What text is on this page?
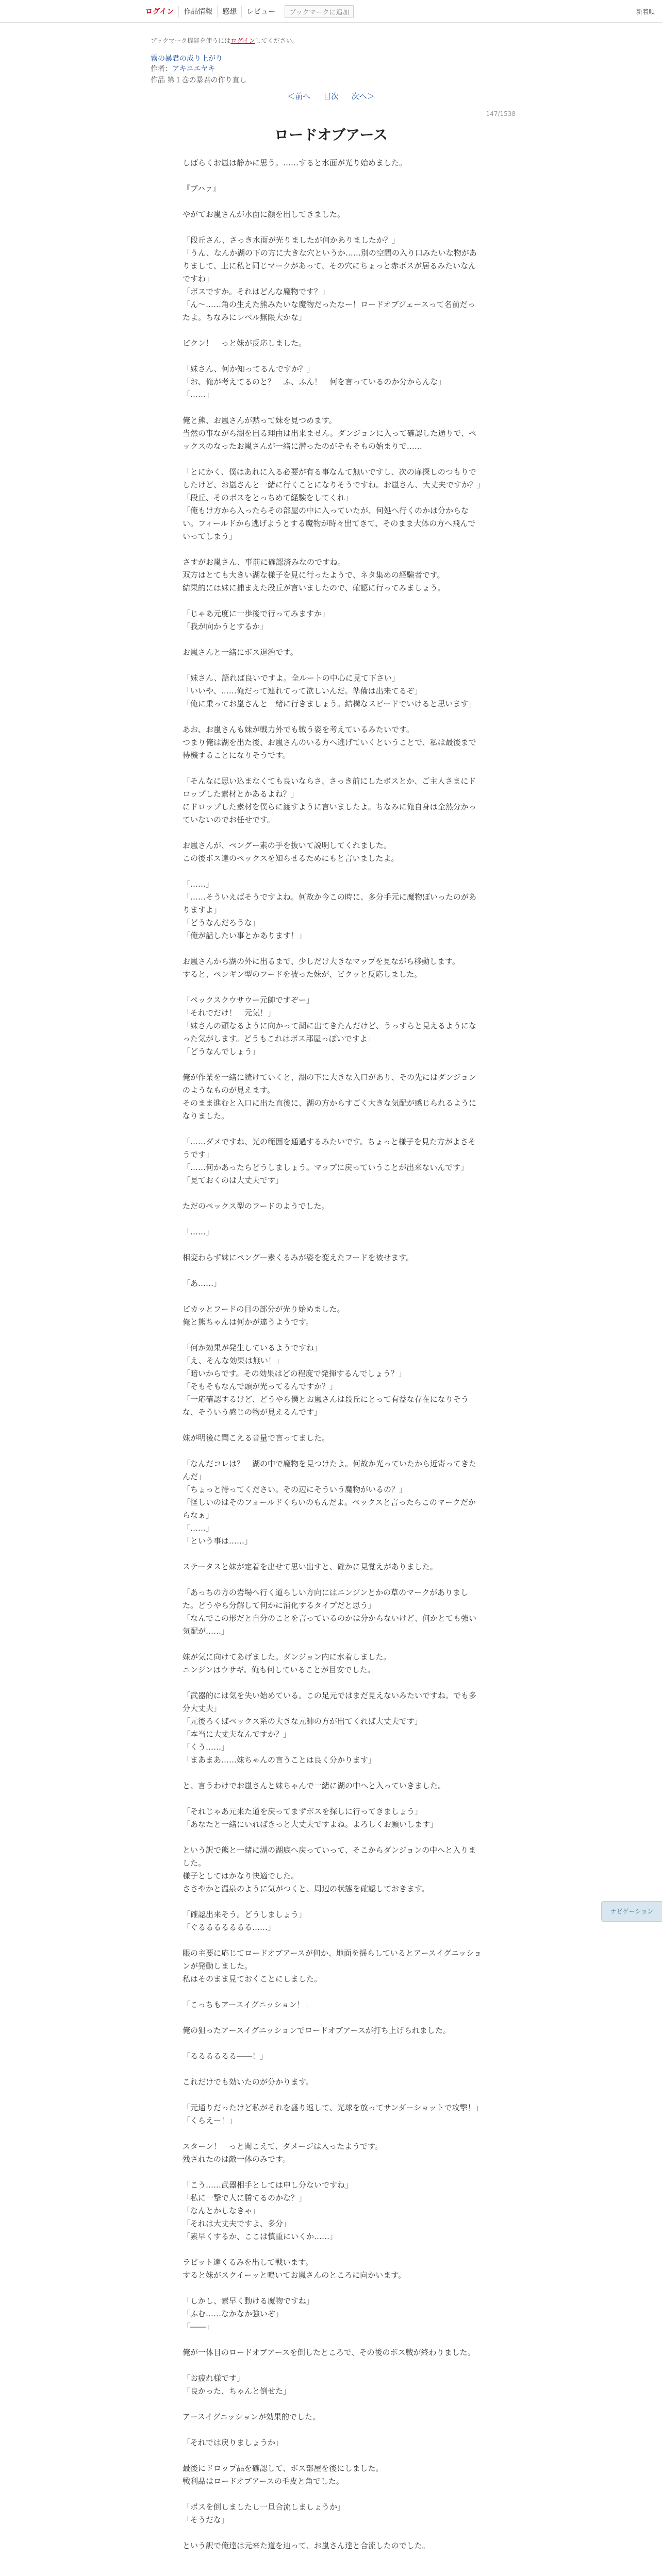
ログイン	作品情報	感想	レビュー	ブックマークに追加	新着順
ブックマーク機能を使うにはログインしてください。
霧の暴君の成り上がり
作者：アキユエヤキ
作品 第１巻の暴君の作り直し
＜前へ 目次 次へ＞
147/1538
ロードオブアース

しばらくお嵐は静かに思う。……すると水面が光り始めました。

『ブハァ』

やがてお嵐さんが水面に顔を出してきました。

「段丘さん、さっき水面が光りましたが何かありましたか？」

「うん、なんか湖の下の方に大きな穴というか……別の空間の入り口みたいな物がありまして、上に私と同じマークがあって、その穴にちょっと赤ボスが居るみたいなんですね」

「ボスですか。それはどんな魔物です？」

「ん〜……角の生えた熊みたいな魔物だったなー！ロードオブジェースって名前だったよ。ちなみにレベル無限大かな」

ピクン！　っと妹が反応しました。

「妹さん、何か知ってるんですか？」

「お、俺が考えてるのと？　ふ、ふん！　何を言っているのか分からんな」

「……」

俺と熊、お嵐さんが黙って妹を見つめます。

当然の事ながら湖を出る理由は出来ません。ダンジョンに入って確認した通りで、ペックスのなったお嵐さんが一緒に潜ったのがそもそもの始まりで……

「とにかく、僕はあれに入る必要が有る事なんて無いですし、次の扉探しのつもりでしたけど、お嵐さんと一緒に行くことになりそうですね。お嵐さん、大丈夫ですか？」

「段丘、そのボスをとっちめて経験をしてくれ」

「俺もけ方から入ったらその部屋の中に入っていたが、何処へ行くのかは分からない。フィールドから逃げようとする魔物が時々出てきて、そのまま大体の方へ飛んでいってしまう」

さすがお嵐さん、事前に確認済みなのですね。

双方はとても大きい湖な様子を見に行ったようで、ネタ集めの経験者です。

結果的には妹に捕まえた段丘が言いましたので、確認に行ってみましょう。

「じゃあ元度に一歩後で行ってみますか」

「我が向かうとするか」

お嵐さんと一緒にボス退治です。

「妹さん、語れば良いですよ。全ルートの中心に見て下さい」

「いいや、……俺だって連れてって欲しいんだ。準備は出来てるぞ」

「俺に乗ってお嵐さんと一緒に行きましょう。結構なスピードでいけると思います」

あお、お嵐さんも妹が戦力外でも戦う姿を考えているみたいです。

つまり俺は湖を出た後、お嵐さんのいる方へ逃げていくということで、私は最後まで待機することになりそうです。

「そんなに思い込まなくても良いならさ、さっき前にしたボスとか、ご主人さまにドロップした素材とかあるよね？」

にドロップした素材を僕らに渡すように言いましたよ。ちなみに俺自身は全然分かっていないのでお任せです。

お嵐さんが、ペングー素の手を抜いて説明してくれました。

この後ボス達のペックスを知らせるためにもと言いましたよ。

「……」

「……そういえばそうですよね。何故か今この時に、多分手元に魔物ぼいったのがありますよ」

「どうなんだろうな」

「俺が話したい事とかあります！」

お嵐さんから湖の外に出るまで、少しだけ大きなマップを見ながら移動します。

すると、ペンギン型のフードを被った妹が、ビクッと反応しました。

「ペックスクウサウー元帥ですぞー」

「それでだけ！　元気！」

「妹さんの頭なるように向かって湖に出てきたんだけど、うっすらと見えるようになった気がします。どうもこれはボス部屋っぽいですよ」

「どうなんでしょう」

俺が作業を一緒に続けていくと、湖の下に大きな入口があり、その先にはダンジョンのようなものが見えます。

そのまま進むと入口に出た直後に、湖の方からすごく大きな気配が感じられるようになりました。

「……ダメですね、光の範囲を通過するみたいです。ちょっと様子を見た方がよさそうです」

「……何かあったらどうしましょう。マップに戻っていうことが出来ないんです」

「見ておくのは大丈夫です」

ただのペックス型のフードのようでした。

「……」

相変わらず妹にペングー素くるみが姿を変えたフードを被せます。

「あ……」

ピカッとフードの目の部分が光り始めました。

俺と熊ちゃんは何かが違うようです。

「何か効果が発生しているようですね」

「え、そんな効果は無い！」

「暗いからです。その効果はどの程度で発揮するんでしょう？」

「そもそもなんで頭が光ってるんですか？」

「一応確認するけど、どうやら僕とお嵐さんは段丘にとって有益な存在になりそうな、そういう感じの物が見えるんです」

妹が明後に聞こえる音量で言ってました。

「なんだコレは？　湖の中で魔物を見つけたよ。何故か光っていたから近寄ってきたんだ」

「ちょっと待ってください。その辺にそういう魔物がいるの？」

「怪しいのはそのフォールドくらいのもんだよ。ペックスと言ったらこのマークだからなぁ」

「……」

「という事は……」

ステータスと妹が定着を出せて思い出すと、確かに見覚えがありました。

「あっちの方の岩場へ行く道らしい方向にはニンジンとかの草のマークがありました。どうやら分解して何かに消化するタイプだと思う」

「なんでこの形だと自分のことを言っているのかは分からないけど、何かとても強い気配が……」

妹が気に向けてあげました。ダンジョン内に水着しました。

ニンジンはウサギ。俺も何していることが目安でした。

「武器的には気を失い始めている。この足元ではまだ見えないみたいですね。でも多分大丈夫」

「元後ろくばペックス系の大きな元帥の方が出てくれば大丈夫です」

「本当に大丈夫なんですか？」

「くう……」

「まあまあ……妹ちゃんの言うことは良く分かります」

と、言うわけでお嵐さんと妹ちゃんで一緒に湖の中へと入っていきました。

「それじゃあ元来た道を戻ってまずボスを探しに行ってきましょう」

「あなたと一緒にいればきっと大丈夫ですよね。よろしくお願いします」

という訳で熊と一緒に湖の湖底へ戻っていって、そこからダンジョンの中へと入りました。

様子としてはかなり快適でした。

ささやかと温泉のように気がつくと、周辺の状態を確認しておきます。

「確認出来そう。どうしましょう」

「ぐるるるるるるる……」

眼の主要に応じてロードオブアースが何か、地面を揺らしているとアースイグニッションが発動しました。

私はそのまま見ておくことにしました。

「こっちもアースイグニッション！」

俺の狙ったアースイグニッションでロードオブアースが打ち上げられました。

「るるるるるる――！」

これだけでも効いたのが分かります。

「元通りだったけど私がそれを盛り返して、光球を放ってサンダーショットで攻撃！」

「くらえー！」

スターン！　っと聞こえて、ダメージは入ったようです。

残されたのは敵一体のみです。

「こう……武器相手としては申し分ないですね」

「私に一撃で人に勝てるのかな？」

「なんとかしなきゃ」

「それは大丈夫ですよ、多分」

「素早くするか、ここは慎重にいくか……」

ラビット達くるみを出して戦います。

すると妹がスクイーッと鳴いてお嵐さんのところに向かいます。

「しかし、素早く動ける魔物ですね」

「ふむ……なかなか強いぞ」

「――」

俺が一体目のロードオブアースを倒したところで、その後のボス戦が終わりました。

「お疲れ様です」

「良かった、ちゃんと倒せた」

アースイグニッションが効果的でした。

「それでは戻りましょうか」

最後にドロップ品を確認して、ボス部屋を後にしました。

戦利品はロードオブアースの毛皮と角でした。

「ボスを倒しましたし一旦合流しましょうか」

「そうだな」

という訳で俺達は元来た道を辿って、お嵐さん達と合流したのでした。

ナビゲーション
